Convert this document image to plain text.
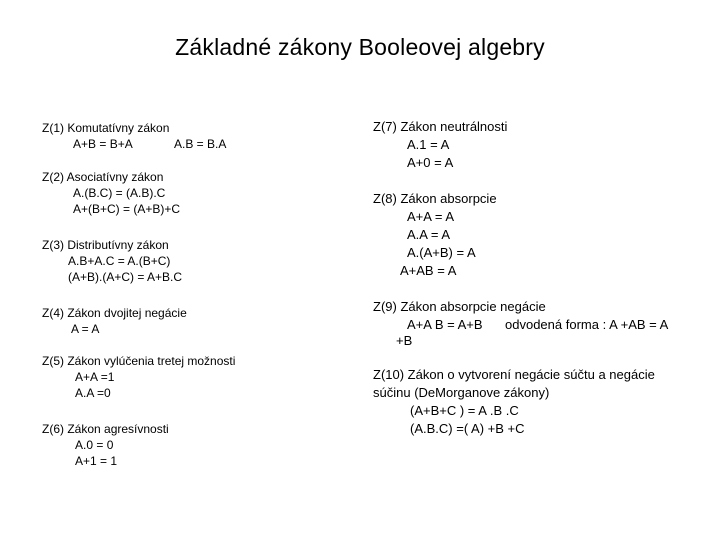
Základné zákony Booleovej algebry
Z(1) Komutatívny zákon
A+B = B+A	A.B = B.A
Z(2) Asociatívny zákon
A.(B.C) = (A.B).C
A+(B+C) = (A+B)+C
Z(3) Distributívny zákon
A.B+A.C = A.(B+C)
(A+B).(A+C) = A+B.C
Z(4) Zákon dvojitej negácie
A = A
Z(5) Zákon vylúčenia tretej možnosti
A+A =1
A.A =0
Z(6) Zákon agresívnosti
A.0 = 0
A+1 = 1
Z(7) Zákon neutrálnosti
A.1 = A
A+0 = A
Z(8) Zákon absorpcie
A+A = A
A.A = A
A.(A+B) = A
A+AB = A
Z(9) Zákon absorpcie negácie
A+A B = A+B odvodená forma : A +AB = A
+B
Z(10) Zákon o vytvorení negácie súčtu a negácie
súčinu (DeMorganove zákony)
(A+B+C ) = A .B .C
(A.B.C) =( A) +B +C
